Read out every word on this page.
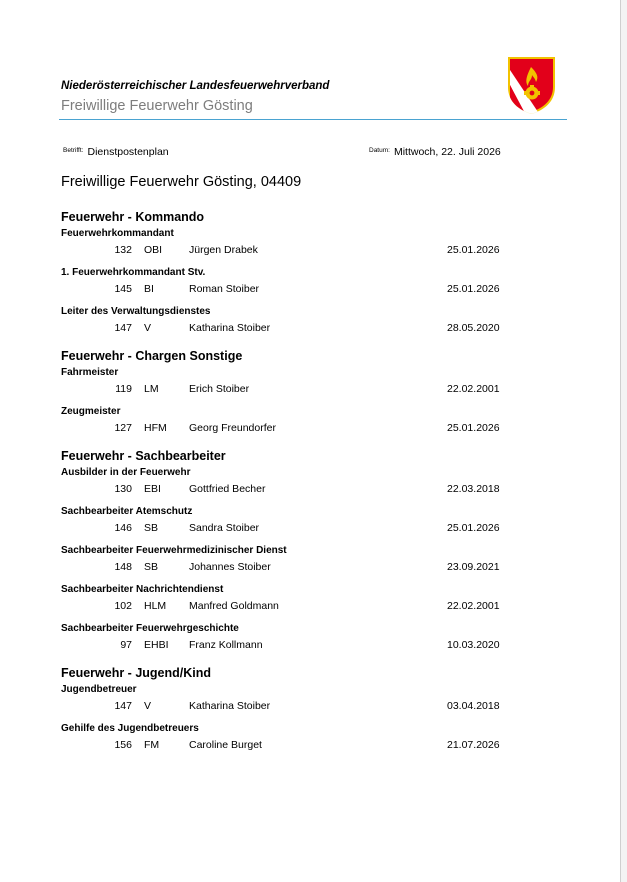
Niederösterreichischer Landesfeuerwehrverband
Freiwillige Feuerwehr Gösting
$^{Betrifft:}$ Dienstpostenplan	$^{Datum:}$ Mittwoch, 22. Juli 2026
Freiwillige Feuerwehr Gösting, 04409
Feuerwehr - Kommando
Feuerwehrkommandant
132 OBI	Jürgen Drabek	25.01.2026
1. Feuerwehrkommandant Stv.
145 BI	Roman Stoiber	25.01.2026
Leiter des Verwaltungsdienstes
147 V	Katharina Stoiber	28.05.2020
Feuerwehr - Chargen Sonstige
Fahrmeister
119 LM	Erich Stoiber	22.02.2001
Zeugmeister
127 HFM Georg Freundorfer	25.01.2026
Feuerwehr - Sachbearbeiter
Ausbilder in der Feuerwehr
130 EBI	Gottfried Becher	22.03.2018
Sachbearbeiter Atemschutz
146 SB	Sandra Stoiber	25.01.2026
Sachbearbeiter Feuerwehrmedizinischer Dienst
148 SB	Johannes Stoiber	23.09.2021
Sachbearbeiter Nachrichtendienst
102 HLM Manfred Goldmann	22.02.2001
Sachbearbeiter Feuerwehrgeschichte
97 EHBI Franz Kollmann	10.03.2020
Feuerwehr - Jugend/Kind
Jugendbetreuer
147 V	Katharina Stoiber	03.04.2018
Gehilfe des Jugendbetreuers
156 FM	Caroline Burget	21.07.2026
